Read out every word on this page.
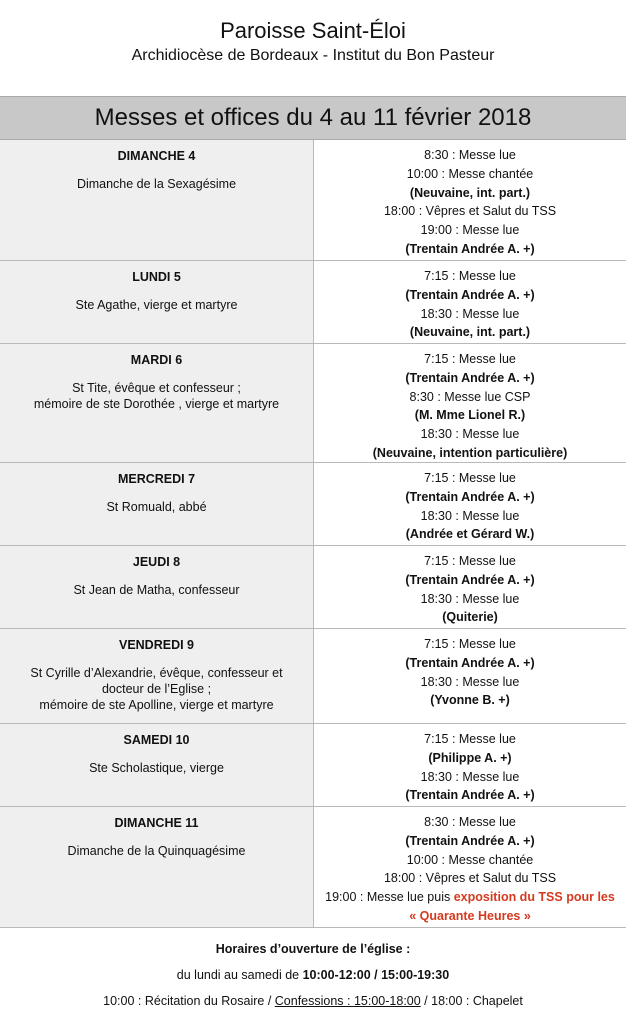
Paroisse Saint-Éloi
Archidiocèse de Bordeaux - Institut du Bon Pasteur
Messes et offices du 4 au 11 février 2018
DIMANCHE 4
Dimanche de la Sexagésime
8:30 : Messe lue
10:00 : Messe chantée
(Neuvaine, int. part.)
18:00 : Vêpres et Salut du TSS
19:00 : Messe lue
(Trentain Andrée A. +)
LUNDI 5
Ste Agathe, vierge et martyre
7:15 : Messe lue
(Trentain Andrée A. +)
18:30 : Messe lue
(Neuvaine, int. part.)
MARDI 6
St Tite, évêque et confesseur ;
mémoire de ste Dorothée , vierge et martyre
7:15 : Messe lue
(Trentain Andrée A. +)
8:30 : Messe lue CSP
(M. Mme Lionel R.)
18:30 : Messe lue
(Neuvaine, intention particulière)
MERCREDI 7
St Romuald, abbé
7:15 : Messe lue
(Trentain Andrée A. +)
18:30 : Messe lue
(Andrée et Gérard W.)
JEUDI 8
St Jean de Matha, confesseur
7:15 : Messe lue
(Trentain Andrée A. +)
18:30 : Messe lue
(Quiterie)
VENDREDI 9
St Cyrille d’Alexandrie, évêque, confesseur et
docteur de l’Eglise ;
mémoire de ste Apolline, vierge et martyre
7:15 : Messe lue
(Trentain Andrée A. +)
18:30 : Messe lue
(Yvonne B. +)
SAMEDI 10
Ste Scholastique, vierge
7:15 : Messe lue
(Philippe A. +)
18:30 : Messe lue
(Trentain Andrée A. +)
DIMANCHE 11
Dimanche de la Quinquagésime
8:30 : Messe lue
(Trentain Andrée A. +)
10:00 : Messe chantée
18:00 : Vêpres et Salut du TSS
19:00 : Messe lue puis exposition du TSS pour les
« Quarante Heures »
Horaires d’ouverture de l’église :
du lundi au samedi de 10:00-12:00 / 15:00-19:30
10:00 : Récitation du Rosaire / Confessions : 15:00-18:00 / 18:00 : Chapelet
